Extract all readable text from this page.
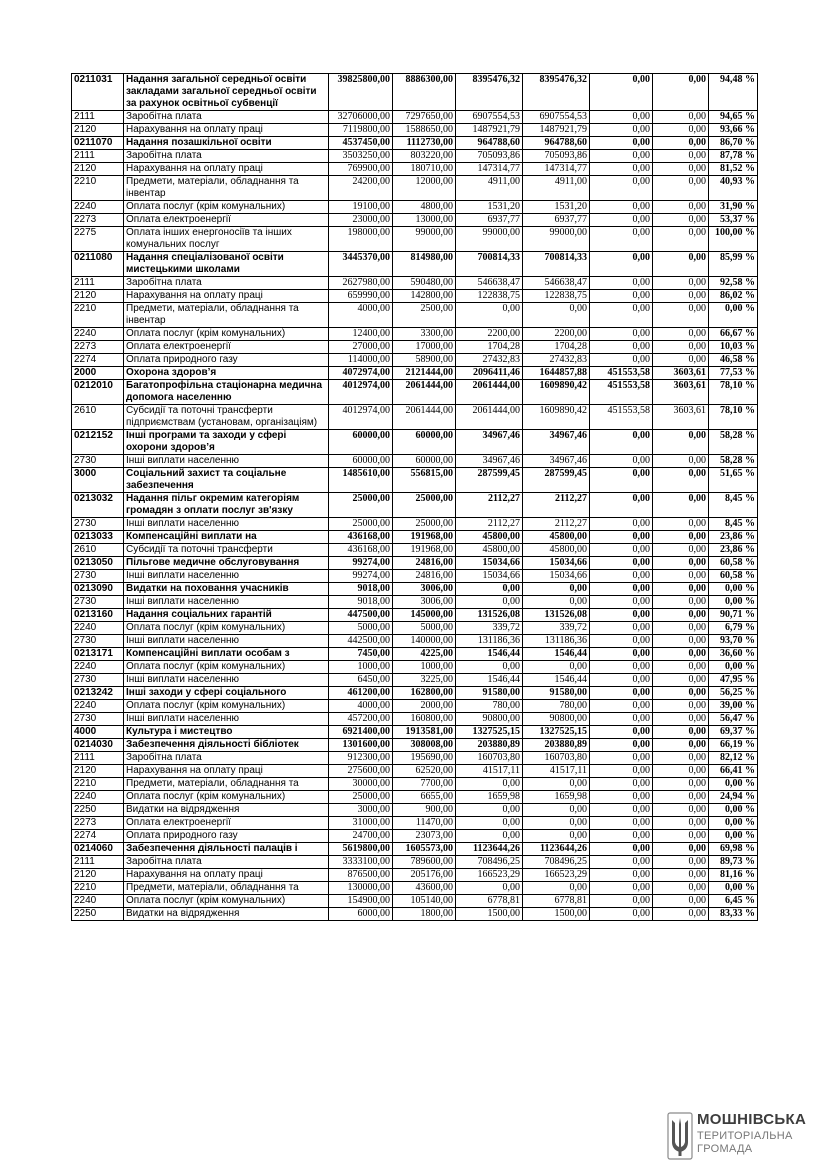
0211031	Надання загальної середньої освіти закладами загальної середньої освіти за рахунок освітньої субвенції	39825800,00	8886300,00	8395476,32	8395476,32	0,00	0,00	94,48 %
2111	Заробітна плата	32706000,00	7297650,00	6907554,53	6907554,53	0,00	0,00	94,65 %
2120	Нарахування на оплату праці	7119800,00	1588650,00	1487921,79	1487921,79	0,00	0,00	93,66 %
0211070	Надання позашкільної освіти	4537450,00	1112730,00	964788,60	964788,60	0,00	0,00	86,70 %
2111	Заробітна плата	3503250,00	803220,00	705093,86	705093,86	0,00	0,00	87,78 %
2120	Нарахування на оплату праці	769900,00	180710,00	147314,77	147314,77	0,00	0,00	81,52 %
2210	Предмети, матеріали, обладнання та інвентар	24200,00	12000,00	4911,00	4911,00	0,00	0,00	40,93 %
2240	Оплата послуг (крім комунальних)	19100,00	4800,00	1531,20	1531,20	0,00	0,00	31,90 %
2273	Оплата електроенергії	23000,00	13000,00	6937,77	6937,77	0,00	0,00	53,37 %
2275	Оплата інших енергоносіїв та інших комунальних послуг	198000,00	99000,00	99000,00	99000,00	0,00	0,00	100,00 %
0211080	Надання спеціалізованої освіти мистецькими школами	3445370,00	814980,00	700814,33	700814,33	0,00	0,00	85,99 %
2111	Заробітна плата	2627980,00	590480,00	546638,47	546638,47	0,00	0,00	92,58 %
2120	Нарахування на оплату праці	659990,00	142800,00	122838,75	122838,75	0,00	0,00	86,02 %
2210	Предмети, матеріали, обладнання та інвентар	4000,00	2500,00	0,00	0,00	0,00	0,00	0,00 %
2240	Оплата послуг (крім комунальних)	12400,00	3300,00	2200,00	2200,00	0,00	0,00	66,67 %
2273	Оплата електроенергії	27000,00	17000,00	1704,28	1704,28	0,00	0,00	10,03 %
2274	Оплата природного газу	114000,00	58900,00	27432,83	27432,83	0,00	0,00	46,58 %
2000	Охорона здоров’я	4072974,00	2121444,00	2096411,46	1644857,88	451553,58	3603,61	77,53 %
0212010	Багатопрофільна стаціонарна медична допомога населенню	4012974,00	2061444,00	2061444,00	1609890,42	451553,58	3603,61	78,10 %
2610	Субсидії та поточні трансферти підприємствам (установам, організаціям)	4012974,00	2061444,00	2061444,00	1609890,42	451553,58	3603,61	78,10 %
0212152	Інші програми та заходи у сфері охорони здоров’я	60000,00	60000,00	34967,46	34967,46	0,00	0,00	58,28 %
2730	Інші виплати населенню	60000,00	60000,00	34967,46	34967,46	0,00	0,00	58,28 %
3000	Соціальний захист та соціальне забезпечення	1485610,00	556815,00	287599,45	287599,45	0,00	0,00	51,65 %
0213032	Надання пільг окремим категоріям громадян з оплати послуг зв'язку	25000,00	25000,00	2112,27	2112,27	0,00	0,00	8,45 %
2730	Інші виплати населенню	25000,00	25000,00	2112,27	2112,27	0,00	0,00	8,45 %
0213033	Компенсаційні виплати на	436168,00	191968,00	45800,00	45800,00	0,00	0,00	23,86 %
2610	Субсидії та поточні трансферти	436168,00	191968,00	45800,00	45800,00	0,00	0,00	23,86 %
0213050	Пільгове медичне обслуговування	99274,00	24816,00	15034,66	15034,66	0,00	0,00	60,58 %
2730	Інші виплати населенню	99274,00	24816,00	15034,66	15034,66	0,00	0,00	60,58 %
0213090	Видатки на поховання учасників	9018,00	3006,00	0,00	0,00	0,00	0,00	0,00 %
2730	Інші виплати населенню	9018,00	3006,00	0,00	0,00	0,00	0,00	0,00 %
0213160	Надання соціальних гарантій	447500,00	145000,00	131526,08	131526,08	0,00	0,00	90,71 %
2240	Оплата послуг (крім комунальних)	5000,00	5000,00	339,72	339,72	0,00	0,00	6,79 %
2730	Інші виплати населенню	442500,00	140000,00	131186,36	131186,36	0,00	0,00	93,70 %
0213171	Компенсаційні виплати особам з	7450,00	4225,00	1546,44	1546,44	0,00	0,00	36,60 %
2240	Оплата послуг (крім комунальних)	1000,00	1000,00	0,00	0,00	0,00	0,00	0,00 %
2730	Інші виплати населенню	6450,00	3225,00	1546,44	1546,44	0,00	0,00	47,95 %
0213242	Інші заходи у сфері соціального	461200,00	162800,00	91580,00	91580,00	0,00	0,00	56,25 %
2240	Оплата послуг (крім комунальних)	4000,00	2000,00	780,00	780,00	0,00	0,00	39,00 %
2730	Інші виплати населенню	457200,00	160800,00	90800,00	90800,00	0,00	0,00	56,47 %
4000	Культура і мистецтво	6921400,00	1913581,00	1327525,15	1327525,15	0,00	0,00	69,37 %
0214030	Забезпечення діяльності бібліотек	1301600,00	308008,00	203880,89	203880,89	0,00	0,00	66,19 %
2111	Заробітна плата	912300,00	195690,00	160703,80	160703,80	0,00	0,00	82,12 %
2120	Нарахування на оплату праці	275600,00	62520,00	41517,11	41517,11	0,00	0,00	66,41 %
2210	Предмети, матеріали, обладнання та	30000,00	7700,00	0,00	0,00	0,00	0,00	0,00 %
2240	Оплата послуг (крім комунальних)	25000,00	6655,00	1659,98	1659,98	0,00	0,00	24,94 %
2250	Видатки на відрядження	3000,00	900,00	0,00	0,00	0,00	0,00	0,00 %
2273	Оплата електроенергії	31000,00	11470,00	0,00	0,00	0,00	0,00	0,00 %
2274	Оплата природного газу	24700,00	23073,00	0,00	0,00	0,00	0,00	0,00 %
0214060	Забезпечення діяльності палаців і	5619800,00	1605573,00	1123644,26	1123644,26	0,00	0,00	69,98 %
2111	Заробітна плата	3333100,00	789600,00	708496,25	708496,25	0,00	0,00	89,73 %
2120	Нарахування на оплату праці	876500,00	205176,00	166523,29	166523,29	0,00	0,00	81,16 %
2210	Предмети, матеріали, обладнання та	130000,00	43600,00	0,00	0,00	0,00	0,00	0,00 %
2240	Оплата послуг (крім комунальних)	154900,00	105140,00	6778,81	6778,81	0,00	0,00	6,45 %
2250	Видатки на відрядження	6000,00	1800,00	1500,00	1500,00	0,00	0,00	83,33 %
МОШНІВСЬКА
ТЕРИТОРІАЛЬНА
ГРОМАДА
